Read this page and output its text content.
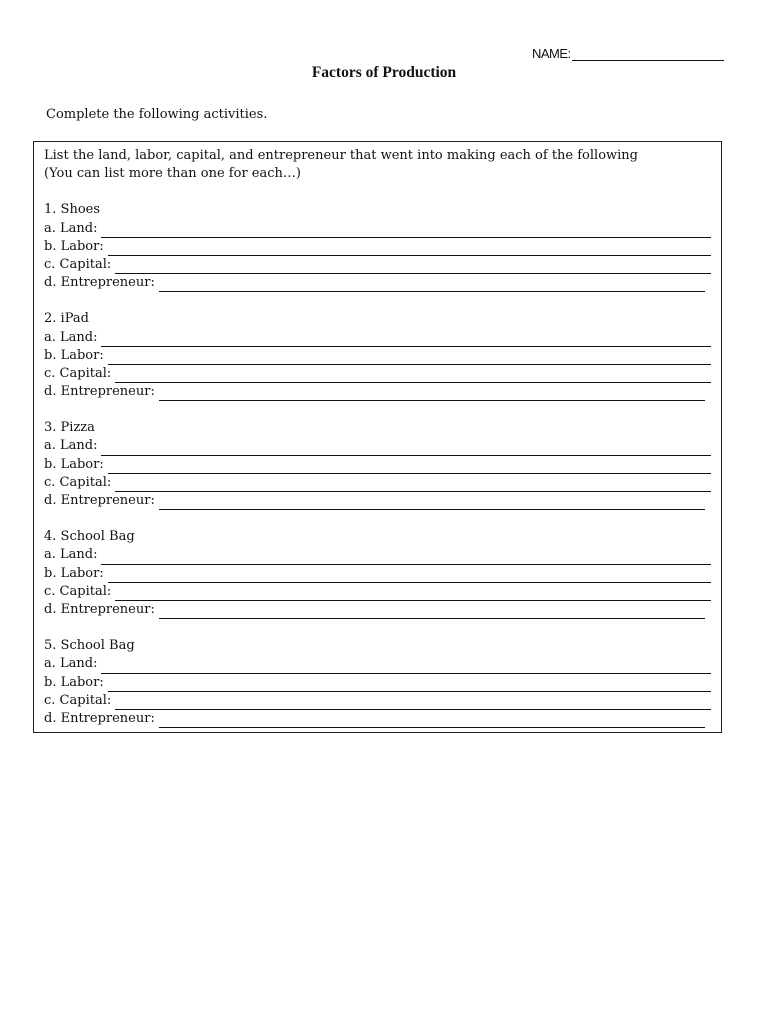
NAME:
Factors of Production
Complete the following activities.

List the land, labor, capital, and entrepreneur that went into making each of the following

(You can list more than one for each…)

1. Shoes
a. Land:
b. Labor:
c. Capital:
d. Entrepreneur:
2. iPad
a. Land:
b. Labor:
c. Capital:
d. Entrepreneur:
3. Pizza
a. Land:
b. Labor:
c. Capital:
d. Entrepreneur:
4. School Bag
a. Land:
b. Labor:
c. Capital:
d. Entrepreneur:
5. School Bag
a. Land:
b. Labor:
c. Capital:
d. Entrepreneur:
